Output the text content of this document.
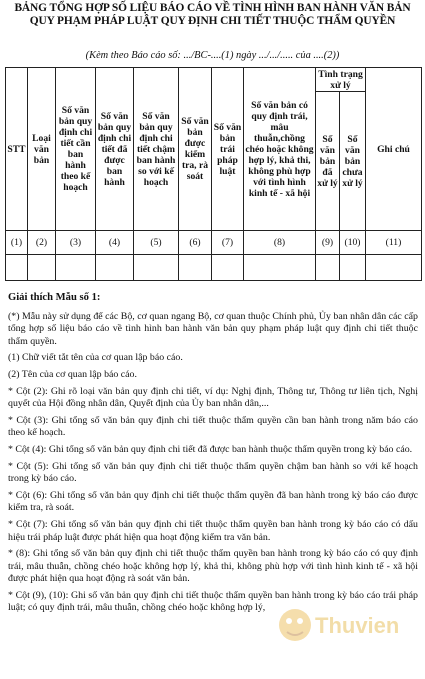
BẢNG TỔNG HỢP SỐ LIỆU BÁO CÁO VỀ TÌNH HÌNH BAN HÀNH VĂN BẢN QUY PHẠM PHÁP LUẬT QUY ĐỊNH CHI TIẾT THUỘC THẨM QUYỀN
(Kèm theo Báo cáo số: .../BC-....(1) ngày .../.../..... của ....(2))
STT	Loại văn bản	Số văn bản quy định chi tiết cần ban hành theo kế hoạch	Số văn bản quy định chi tiết đã được ban hành	Số văn bản quy định chi tiết chậm ban hành so với kế hoạch	Số văn bản được kiểm tra, rà soát	Số văn bản trái pháp luật	Số văn bản có quy định trái, mâu thuẫn,chồng chéo hoặc không hợp lý, khả thi, không phù hợp với tình hình kinh tế - xã hội	Tình trạng xử lý		Ghi chú
								Số văn bản đã xử lý	Số văn bản chưa xử lý	
(1)	(2)	(3)	(4)	(5)	(6)	(7)	(8)	(9)	(10)	(11)

Giải thích Mẫu số 1:

(*) Mẫu này sử dụng để các Bộ, cơ quan ngang Bộ, cơ quan thuộc Chính phủ, Ủy ban nhân dân các cấp tổng hợp số liệu báo cáo về tình hình ban hành văn bản quy phạm pháp luật quy định chi tiết thuộc thẩm quyền.

(1) Chữ viết tắt tên của cơ quan lập báo cáo.

(2) Tên của cơ quan lập báo cáo.

* Cột (2): Ghi rõ loại văn bản quy định chi tiết, ví dụ: Nghị định, Thông tư, Thông tư liên tịch, Nghị quyết của Hội đồng nhân dân, Quyết định của Ủy ban nhân dân,...

* Cột (3): Ghi tổng số văn bản quy định chi tiết thuộc thẩm quyền cần ban hành trong năm báo cáo theo kế hoạch.

* Cột (4): Ghi tổng số văn bản quy định chi tiết đã được ban hành thuộc thẩm quyền trong kỳ báo cáo.

* Cột (5): Ghi tổng số văn bản quy định chi tiết thuộc thẩm quyền chậm ban hành so với kế hoạch trong kỳ báo cáo.

* Cột (6): Ghi tổng số văn bản quy định chi tiết thuộc thẩm quyền đã ban hành trong kỳ báo cáo được kiểm tra, rà soát.

* Cột (7): Ghi tổng số văn bản quy định chi tiết thuộc thẩm quyền ban hành trong kỳ báo cáo có dấu hiệu trái pháp luật được phát hiện qua hoạt động kiểm tra văn bản.

* (8): Ghi tổng số văn bản quy định chi tiết thuộc thẩm quyền ban hành trong kỳ báo cáo có quy định trái, mâu thuẫn, chồng chéo hoặc không hợp lý, khả thi, không phù hợp với tình hình kinh tế - xã hội được phát hiện qua hoạt động rà soát văn bản.

* Cột (9), (10): Ghi số văn bản quy định chi tiết thuộc thẩm quyền ban hành trong kỳ báo cáo trái pháp luật; có quy định trái, mâu thuẫn, chồng chéo hoặc không hợp lý,

Thuvien
